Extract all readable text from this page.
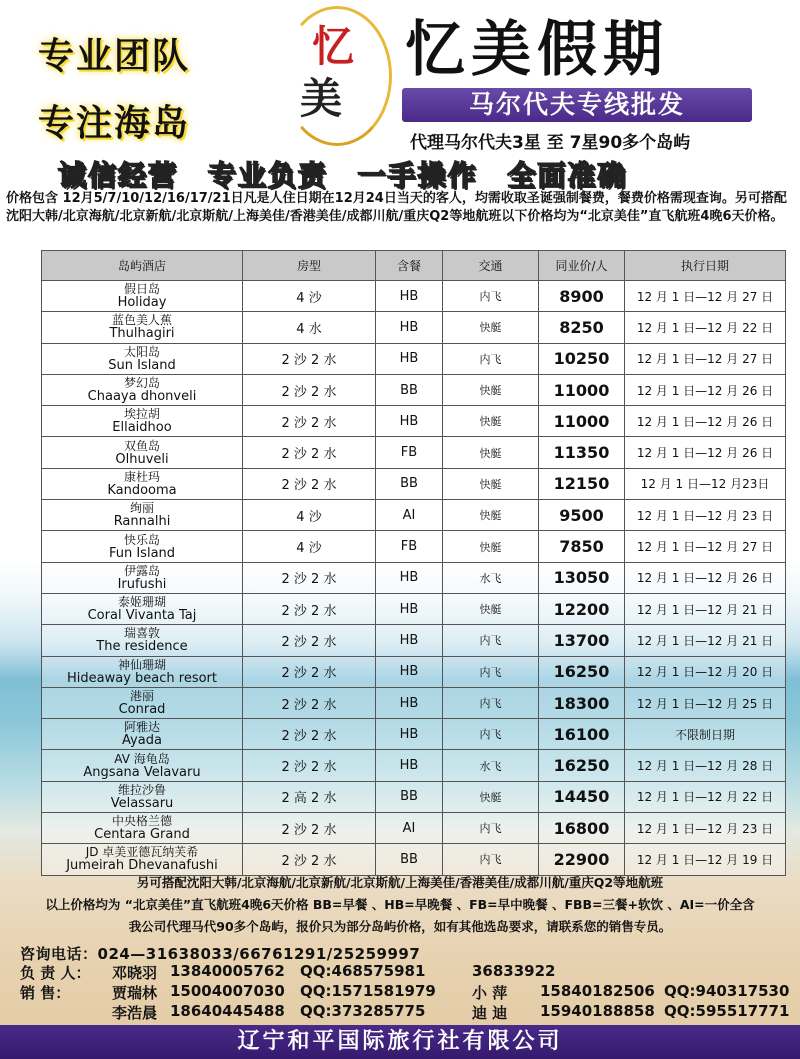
专业团队
专注海岛
忆
美
忆美假期
马尔代夫专线批发
代理马尔代夫3星 至 7星90多个岛屿
诚信经营 专业负责 一手操作 全面准确
价格包含 12月5/7/10/12/16/17/21日凡是人住日期在12月24日当天的客人，均需收取圣诞强制餐费，餐费价格需现查询。另可搭配沈阳大韩/北京海航/北京新航/北京斯航/上海美佳/香港美佳/成都川航/重庆Q2等地航班以下价格均为“北京美佳”直飞航班4晚6天价格。
岛屿酒店	房型	含餐	交通	同业价/人	执行日期

假日岛
Holiday	4 沙	HB	内飞	8900	12 月 1 日—12 月 27 日

蓝色美人蕉
Thulhagiri	4 水	HB	快艇	8250	12 月 1 日—12 月 22 日

太阳岛
Sun Island	2 沙 2 水	HB	内飞	10250	12 月 1 日—12 月 27 日

梦幻岛
Chaaya dhonveli	2 沙 2 水	BB	快艇	11000	12 月 1 日—12 月 26 日

埃拉胡
Ellaidhoo	2 沙 2 水	HB	快艇	11000	12 月 1 日—12 月 26 日

双鱼岛
Olhuveli	2 沙 2 水	FB	快艇	11350	12 月 1 日—12 月 26 日

康杜玛
Kandooma	2 沙 2 水	BB	快艇	12150	12 月 1 日—12 月23日

绚丽
Rannalhi	4 沙	AI	快艇	9500	12 月 1 日—12 月 23 日

快乐岛
Fun Island	4 沙	FB	快艇	7850	12 月 1 日—12 月 27 日

伊露岛
Irufushi	2 沙 2 水	HB	水飞	13050	12 月 1 日—12 月 26 日

泰姬珊瑚
Coral Vivanta Taj	2 沙 2 水	HB	快艇	12200	12 月 1 日—12 月 21 日

瑞喜敦
The residence	2 沙 2 水	HB	内飞	13700	12 月 1 日—12 月 21 日

神仙珊瑚
Hideaway beach resort	2 沙 2 水	HB	内飞	16250	12 月 1 日—12 月 20 日

港丽
Conrad	2 沙 2 水	HB	内飞	18300	12 月 1 日—12 月 25 日

阿雅达
Ayada	2 沙 2 水	HB	内飞	16100	不限制日期

AV 海龟岛
Angsana Velavaru	2 沙 2 水	HB	水飞	16250	12 月 1 日—12 月 28 日

维拉沙鲁
Velassaru	2 高 2 水	BB	快艇	14450	12 月 1 日—12 月 22 日

中央格兰德
Centara Grand	2 沙 2 水	AI	内飞	16800	12 月 1 日—12 月 23 日

JD 卓美亚德瓦纳芙希
Jumeirah Dhevanafushi	2 沙 2 水	BB	内飞	22900	12 月 1 日—12 月 19 日
另可搭配沈阳大韩/北京海航/北京新航/北京斯航/上海美佳/香港美佳/成都川航/重庆Q2等地航班
以上价格均为 “北京美佳”直飞航班4晚6天价格 BB=早餐 、HB=早晚餐 、FB=早中晚餐 、FBB=三餐+软饮 、AI=一价全含
我公司代理马代90多个岛屿，报价只为部分岛屿价格，如有其他选岛要求，请联系您的销售专员。
咨询电话：024—31638033/66761291/25259997
负 责 人： 邓晓羽 13840005762 QQ:468575981	36833922
销 售：	贾瑞林 15004007030 QQ:1571581979 小 萍 15840182506 QQ:940317530
李浩晨 18640445488 QQ:373285775	迪 迪 15940188858 QQ:595517771
辽宁和平国际旅行社有限公司
